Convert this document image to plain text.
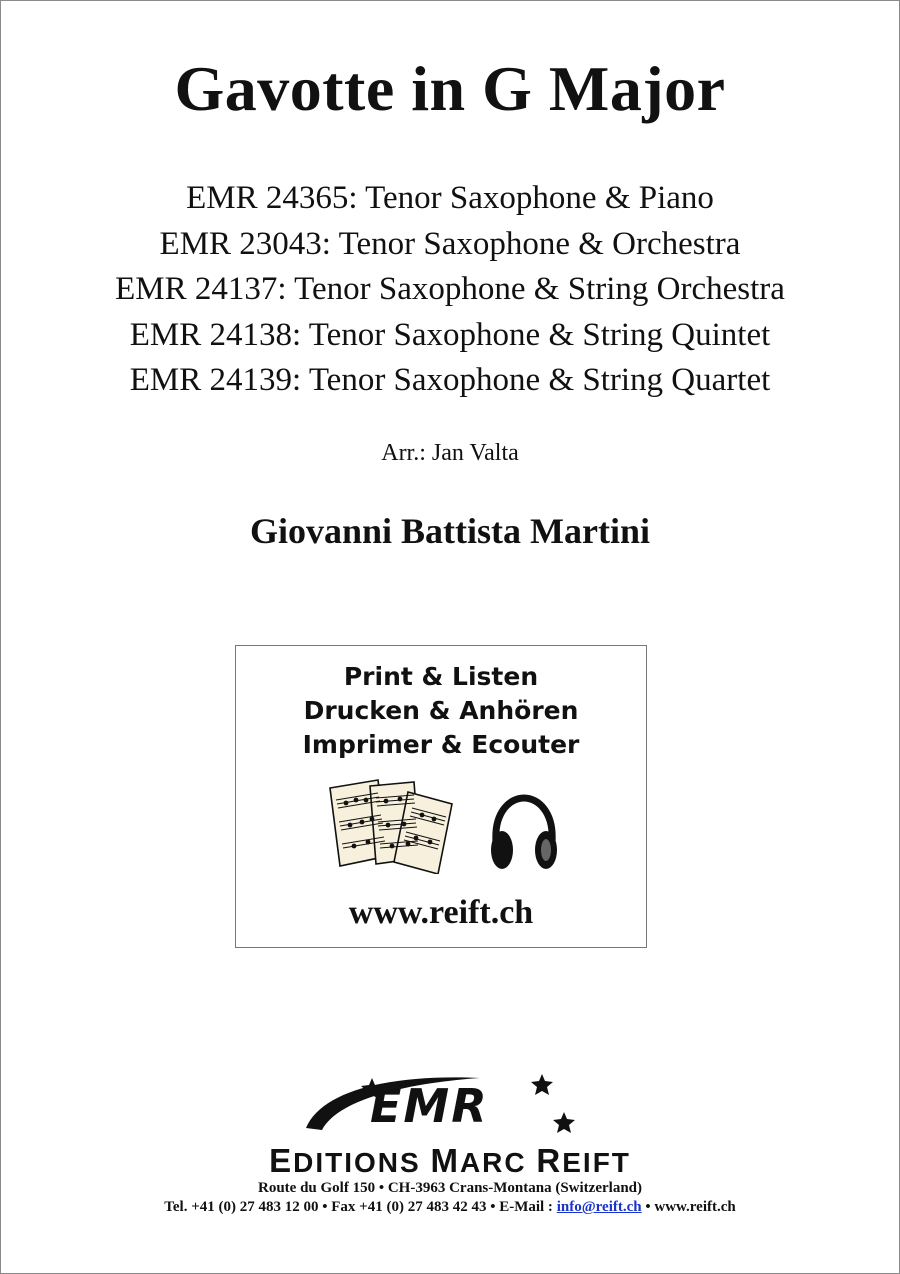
Gavotte in G Major
EMR 24365: Tenor Saxophone & Piano
EMR 23043: Tenor Saxophone & Orchestra
EMR 24137: Tenor Saxophone & String Orchestra
EMR 24138: Tenor Saxophone & String Quintet
EMR 24139: Tenor Saxophone & String Quartet
Arr.: Jan Valta
Giovanni Battista Martini
Print & Listen
Drucken & Anhören
Imprimer & Ecouter
www.reift.ch
EMR
EDITIONS MARC REIFT
Route du Golf 150 • CH-3963 Crans-Montana (Switzerland)
Tel. +41 (0) 27 483 12 00 • Fax +41 (0) 27 483 42 43 • E-Mail : info@reift.ch • www.reift.ch
